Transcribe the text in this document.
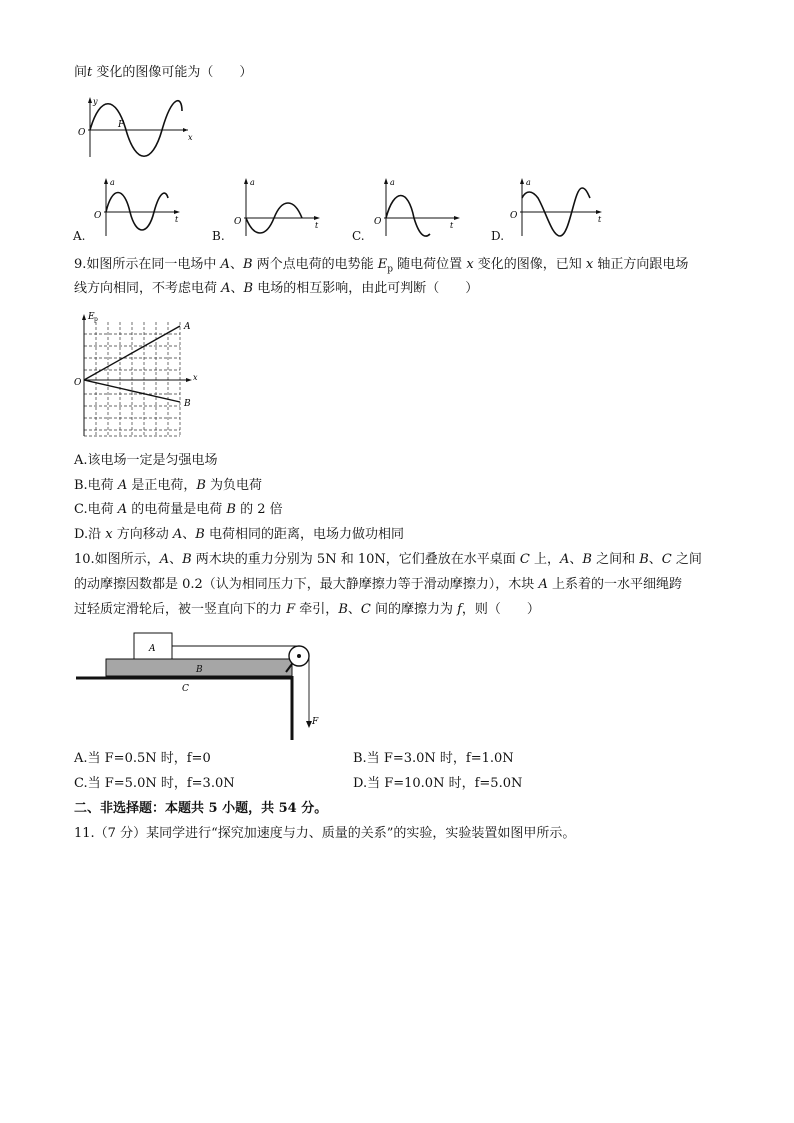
间t 变化的图像可能为（　　）
y
O
P
x
a
O	t
A.
a
O	t
B.
a
O	t
C.
a
O	t
D.
9.如图所示在同一电场中 A、B 两个点电荷的电势能 $E_p$ 随电荷位置 x 变化的图像，已知 x 轴正方向跟电场
线方向相同，不考虑电荷 A、B 电场的相互影响，由此可判断（　　）
E p
O
x
A
B
A.该电场一定是匀强电场
B.电荷 A 是正电荷，B 为负电荷
C.电荷 A 的电荷量是电荷 B 的 2 倍
D.沿 x 方向移动 A、B 电荷相同的距离，电场力做功相同
10.如图所示，A、B 两木块的重力分别为 5N 和 10N，它们叠放在水平桌面 C 上，A、B 之间和 B、C 之间
的动摩擦因数都是 0.2（认为相同压力下，最大静摩擦力等于滑动摩擦力），木块 A 上系着的一水平细绳跨
过轻质定滑轮后，被一竖直向下的力 F 牵引，B、C 间的摩擦力为 f，则（　　）
A
B
C
F
A.当 F=0.5N 时，f=0	B.当 F=3.0N 时，f=1.0N
C.当 F=5.0N 时，f=3.0N	D.当 F=10.0N 时，f=5.0N
二、非选择题：本题共 5 小题，共 54 分。
11.（7 分）某同学进行“探究加速度与力、质量的关系”的实验，实验装置如图甲所示。
